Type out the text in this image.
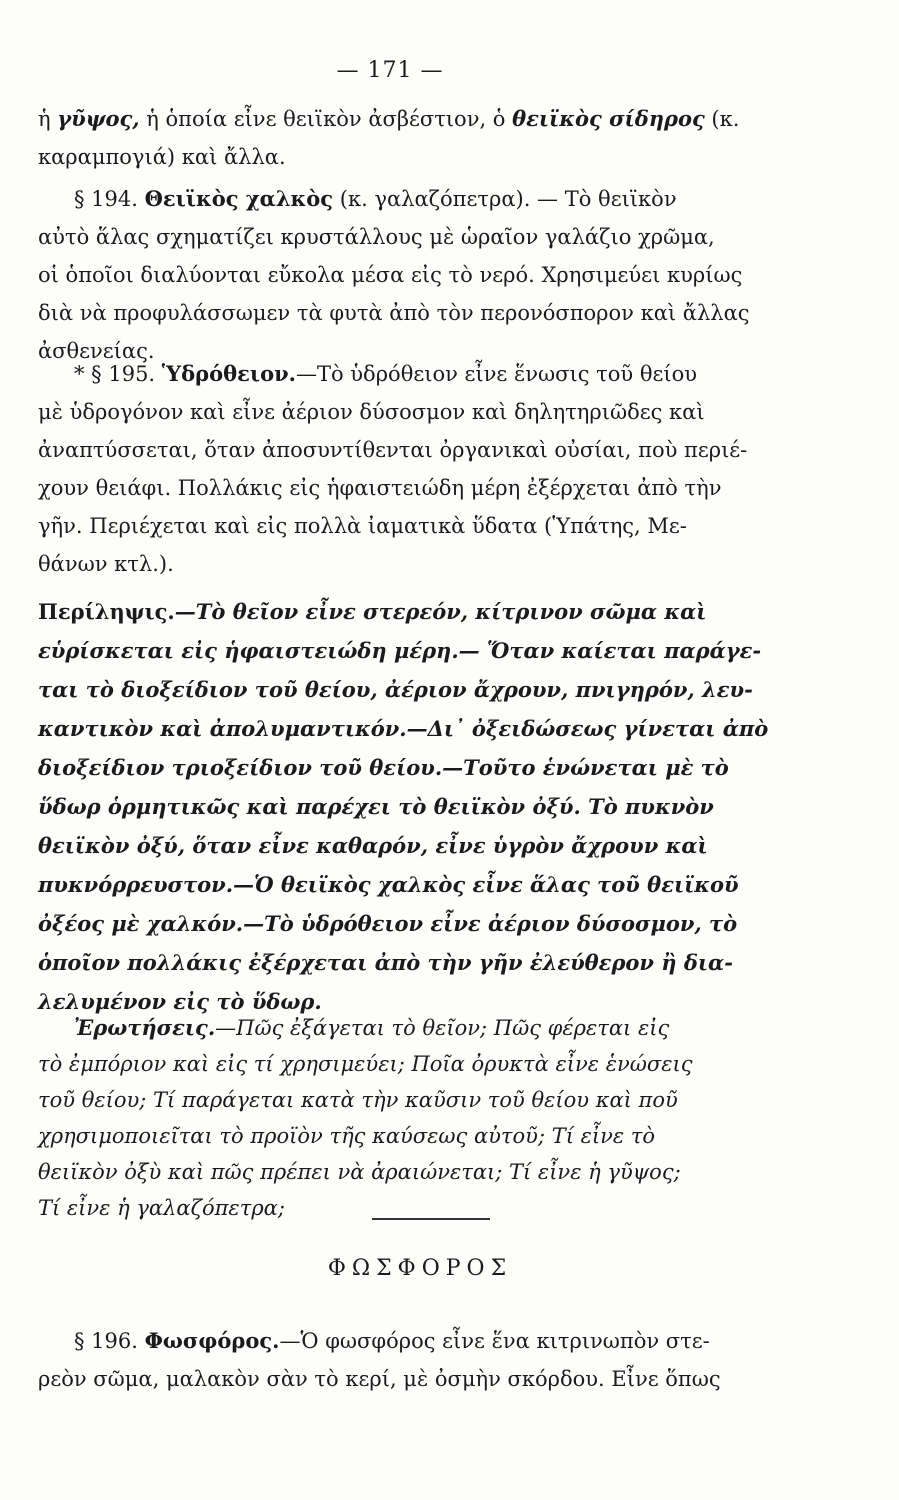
— 171 —
ἡ γῦψος, ἡ ὁποία εἶνε θειϊκὸν ἀσβέστιον, ὁ θειϊκὸς σίδηρος (κ.
καραμπογιά) καὶ ἄλλα.
§ 194. Θειϊκὸς χαλκὸς (κ. γαλαζόπετρα). — Τὸ θειϊκὸν
αὐτὸ ἅλας σχηματίζει κρυστάλλους μὲ ὡραῖον γαλάζιο χρῶμα,
οἱ ὁποῖοι διαλύονται εὔκολα μέσα εἰς τὸ νερό. Χρησιμεύει κυρίως
διὰ νὰ προφυλάσσωμεν τὰ φυτὰ ἀπὸ τὸν περονόσπορον καὶ ἄλλας
ἀσθενείας.
* § 195. Ὑδρόθειον.—Τὸ ὑδρόθειον εἶνε ἕνωσις τοῦ θείου
μὲ ὑδρογόνον καὶ εἶνε ἀέριον δύσοσμον καὶ δηλητηριῶδες καὶ
ἀναπτύσσεται, ὅταν ἀποσυντίθενται ὀργανικαὶ οὐσίαι, ποὺ περιέ-
χουν θειάφι. Πολλάκις εἰς ἡφαιστειώδη μέρη ἐξέρχεται ἀπὸ τὴν
γῆν. Περιέχεται καὶ εἰς πολλὰ ἰαματικὰ ὕδατα (Ὑπάτης, Με-
θάνων κτλ.).
Περίληψις.—Τὸ θεῖον εἶνε στερεόν, κίτρινον σῶμα καὶ
εὑρίσκεται εἰς ἡφαιστειώδη μέρη.— Ὅταν καίεται παράγε-
ται τὸ διοξείδιον τοῦ θείου, ἀέριον ἄχρουν, πνιγηρόν, λευ-
καντικὸν καὶ ἀπολυμαντικόν.—Δι᾽ ὀξειδώσεως γίνεται ἀπὸ
διοξείδιον τριοξείδιον τοῦ θείου.—Τοῦτο ἑνώνεται μὲ τὸ
ὕδωρ ὁρμητικῶς καὶ παρέχει τὸ θειϊκὸν ὀξύ. Τὸ πυκνὸν
θειϊκὸν ὀξύ, ὅταν εἶνε καθαρόν, εἶνε ὑγρὸν ἄχρουν καὶ
πυκνόρρευστον.—Ὁ θειϊκὸς χαλκὸς εἶνε ἅλας τοῦ θειϊκοῦ
ὀξέος μὲ χαλκόν.—Τὸ ὑδρόθειον εἶνε ἀέριον δύσοσμον, τὸ
ὁποῖον πολλάκις ἐξέρχεται ἀπὸ τὴν γῆν ἐλεύθερον ἢ δια-
λελυμένον εἰς τὸ ὕδωρ.
Ἐρωτήσεις.—Πῶς ἐξάγεται τὸ θεῖον; Πῶς φέρεται εἰς
τὸ ἐμπόριον καὶ εἰς τί χρησιμεύει; Ποῖα ὀρυκτὰ εἶνε ἑνώσεις
τοῦ θείου; Τί παράγεται κατὰ τὴν καῦσιν τοῦ θείου καὶ ποῦ
χρησιμοποιεῖται τὸ προϊὸν τῆς καύσεως αὐτοῦ; Τί εἶνε τὸ
θειϊκὸν ὀξὺ καὶ πῶς πρέπει νὰ ἀραιώνεται; Τί εἶνε ἡ γῦψος;
Τί εἶνε ἡ γαλαζόπετρα;
ΦΩΣΦΟΡΟΣ
§ 196. Φωσφόρος.—Ὁ φωσφόρος εἶνε ἕνα κιτρινωπὸν στε-
ρεὸν σῶμα, μαλακὸν σὰν τὸ κερί, μὲ ὀσμὴν σκόρδου. Εἶνε ὅπως
